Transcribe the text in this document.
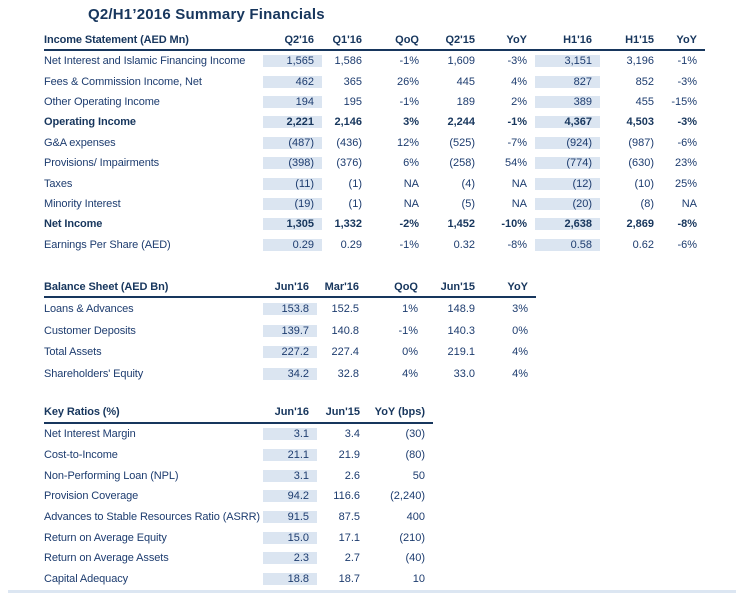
Q2/H1’2016 Summary Financials
Income Statement (AED Mn)	Q2'16	Q1'16	QoQ	Q2'15	YoY	H1'16	H1'15	YoY
Net Interest and Islamic Financing Income	1,565	1,586	-1%	1,609	-3%	3,151	3,196	-1%
Fees & Commission Income, Net	462	365	26%	445	4%	827	852	-3%
Other Operating Income	194	195	-1%	189	2%	389	455	-15%
Operating Income	2,221	2,146	3%	2,244	-1%	4,367	4,503	-3%
G&A expenses	(487)	(436)	12%	(525)	-7%	(924)	(987)	-6%
Provisions/ Impairments	(398)	(376)	6%	(258)	54%	(774)	(630)	23%
Taxes	(11)	(1)	NA	(4)	NA	(12)	(10)	25%
Minority Interest	(19)	(1)	NA	(5)	NA	(20)	(8)	NA
Net Income	1,305	1,332	-2%	1,452	-10%	2,638	2,869	-8%
Earnings Per Share (AED)	0.29	0.29	-1%	0.32	-8%	0.58	0.62	-6%
Balance Sheet (AED Bn)	Jun'16	Mar'16	QoQ	Jun'15	YoY
Loans & Advances	153.8	152.5	1%	148.9	3%
Customer Deposits	139.7	140.8	-1%	140.3	0%
Total Assets	227.2	227.4	0%	219.1	4%
Shareholders' Equity	34.2	32.8	4%	33.0	4%
Key Ratios (%)	Jun'16	Jun'15	YoY (bps)
Net Interest Margin	3.1	3.4	(30)
Cost-to-Income	21.1	21.9	(80)
Non-Performing Loan (NPL)	3.1	2.6	50
Provision Coverage	94.2	116.6	(2,240)
Advances to Stable Resources Ratio (ASRR)	91.5	87.5	400
Return on Average Equity	15.0	17.1	(210)
Return on Average Assets	2.3	2.7	(40)
Capital Adequacy	18.8	18.7	10
